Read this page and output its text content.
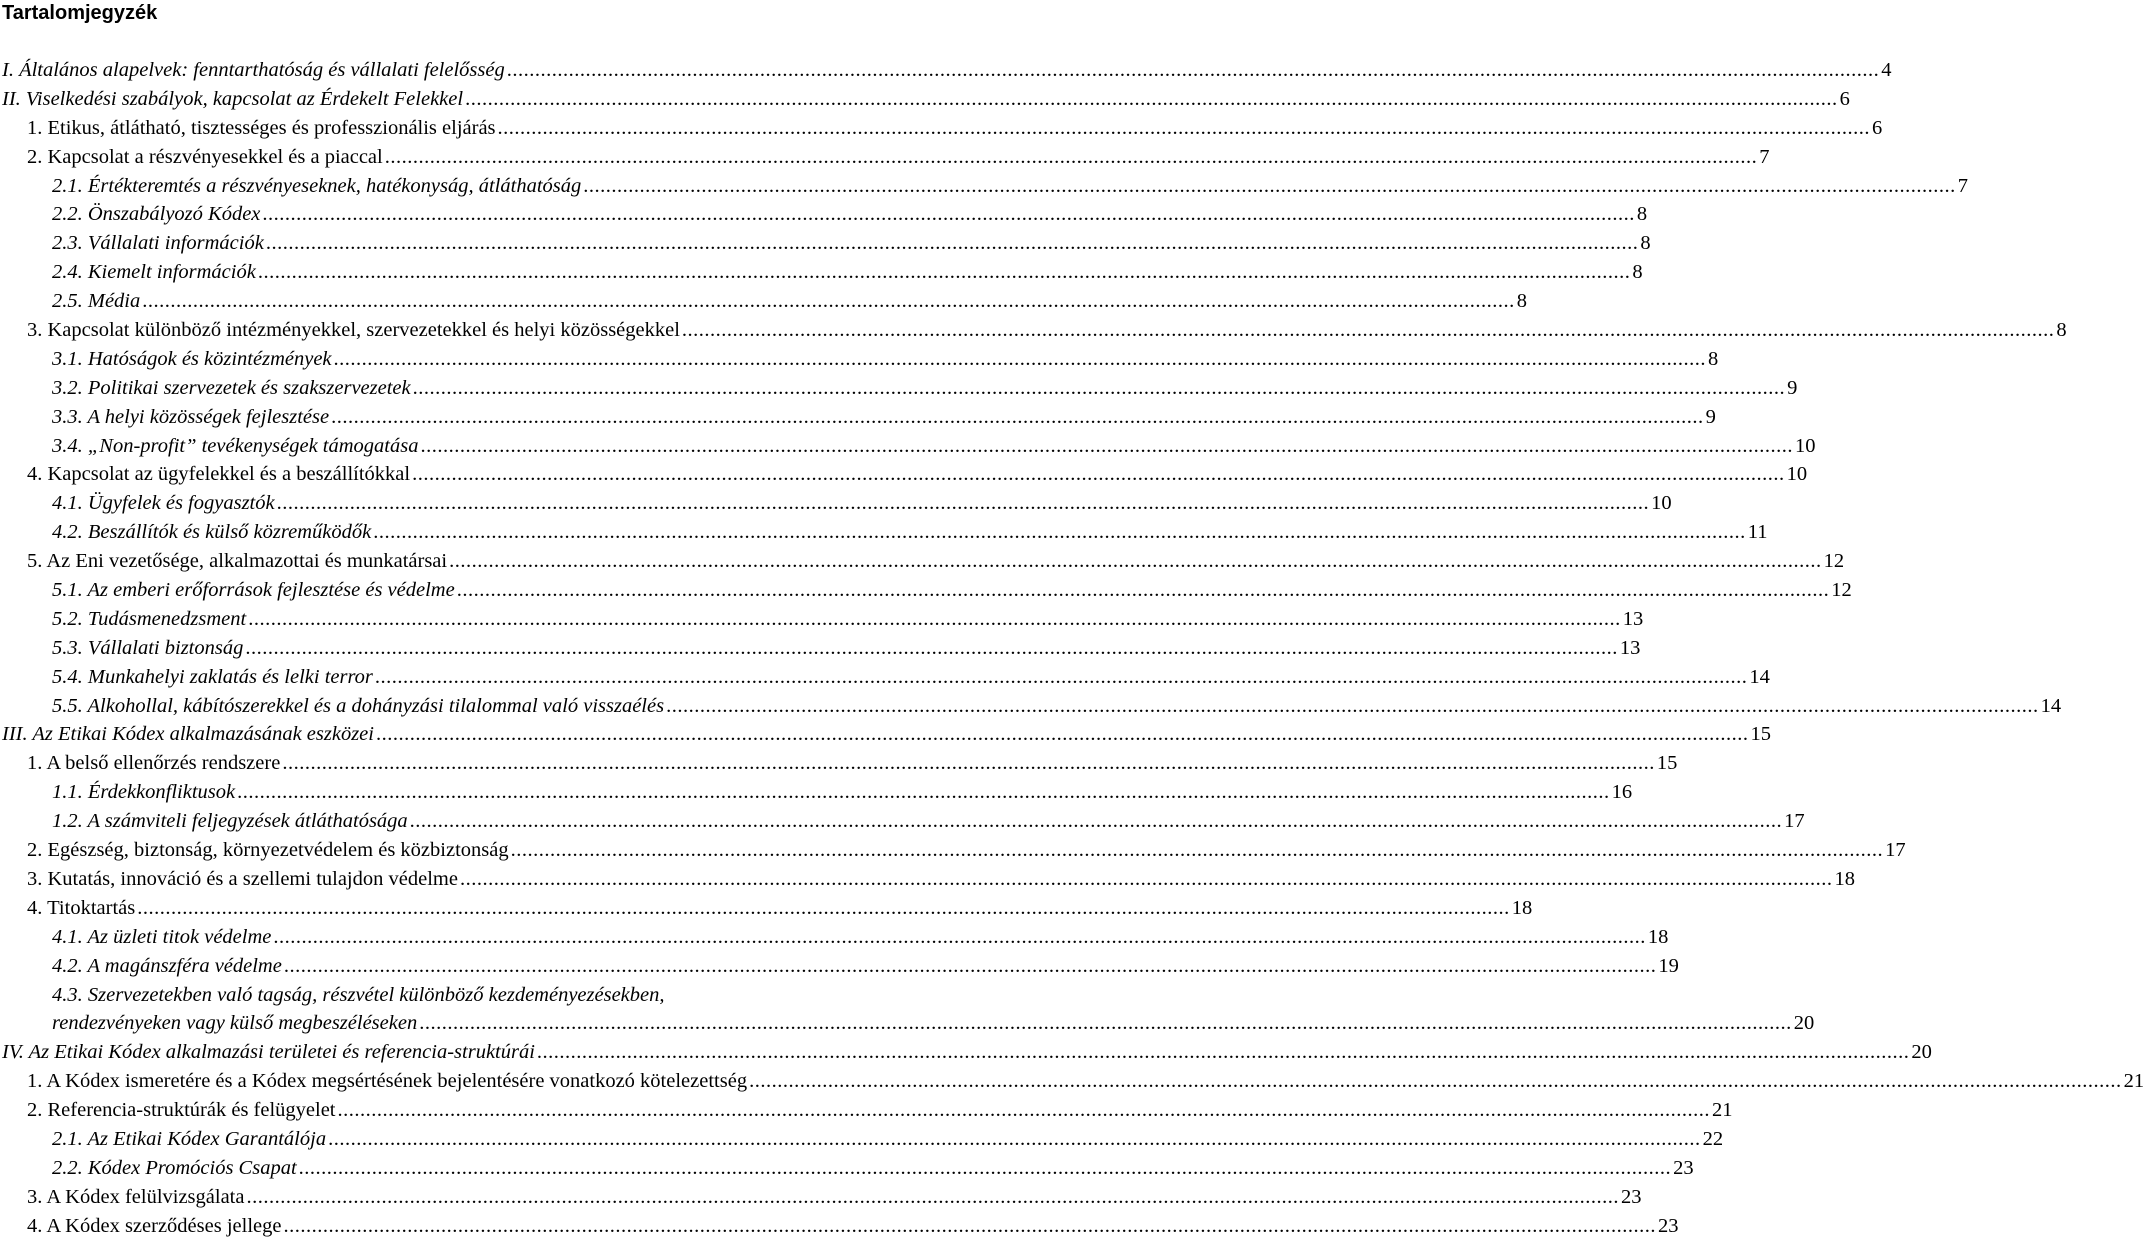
Tartalomjegyzék
I. Általános alapelvek: fenntarthatóság és vállalati felelősség .....	4
II. Viselkedési szabályok, kapcsolat az Érdekelt Felekkel .....	6
1. Etikus, átlátható, tisztességes és professzionális eljárás .....	6
2. Kapcsolat a részvényesekkel és a piaccal .....	7
2.1. Értékteremtés a részvényeseknek, hatékonyság, átláthatóság .....	7
2.2. Önszabályozó Kódex .....	8
2.3. Vállalati információk .....	8
2.4. Kiemelt információk .....	8
2.5. Média .....	8
3. Kapcsolat különböző intézményekkel, szervezetekkel és helyi közösségekkel .....	8
3.1. Hatóságok és közintézmények .....	8
3.2. Politikai szervezetek és szakszervezetek .....	9
3.3. A helyi közösségek fejlesztése .....	9
3.4. „Non-profit” tevékenységek támogatása .....	10
4. Kapcsolat az ügyfelekkel és a beszállítókkal .....	10
4.1. Ügyfelek és fogyasztók .....	10
4.2. Beszállítók és külső közreműködők .....	11
5. Az Eni vezetősége, alkalmazottai és munkatársai .....	12
5.1. Az emberi erőforrások fejlesztése és védelme .....	12
5.2. Tudásmenedzsment .....	13
5.3. Vállalati biztonság .....	13
5.4. Munkahelyi zaklatás és lelki terror .....	14
5.5. Alkohollal, kábítószerekkel és a dohányzási tilalommal való visszaélés .....	14
III. Az Etikai Kódex alkalmazásának eszközei .....	15
1. A belső ellenőrzés rendszere .....	15
1.1. Érdekkonfliktusok .....	16
1.2. A számviteli feljegyzések átláthatósága .....	17
2. Egészség, biztonság, környezetvédelem és közbiztonság .....	17
3. Kutatás, innováció és a szellemi tulajdon védelme .....	18
4. Titoktartás .....	18
4.1. Az üzleti titok védelme .....	18
4.2. A magánszféra védelme .....	19
4.3. Szervezetekben való tagság, részvétel különböző kezdeményezésekben,
rendezvényeken vagy külső megbeszéléseken .....	20
IV. Az Etikai Kódex alkalmazási területei és referencia-struktúrái .....	20
1. A Kódex ismeretére és a Kódex megsértésének bejelentésére vonatkozó kötelezettség .....	21
2. Referencia-struktúrák és felügyelet .....	21
2.1. Az Etikai Kódex Garantálója .....	22
2.2. Kódex Promóciós Csapat .....	23
3. A Kódex felülvizsgálata .....	23
4. A Kódex szerződéses jellege .....	23
